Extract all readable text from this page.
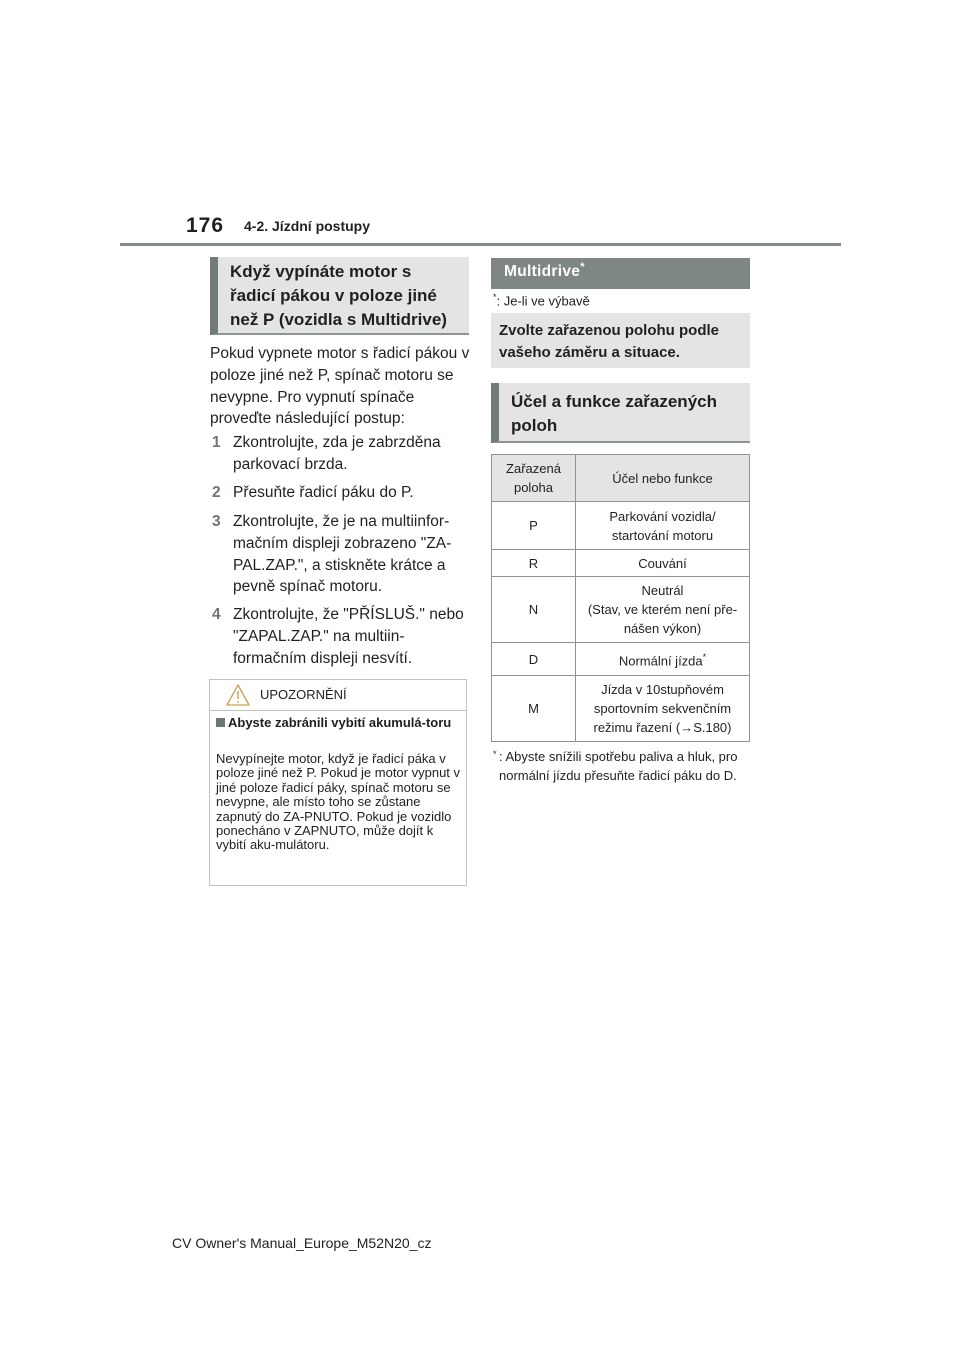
176 4-2. Jízdní postupy
Když vypínáte motor s řadicí pákou v poloze jiné než P (vozidla s Multidrive)
Pokud vypnete motor s řadicí pákou v poloze jiné než P, spínač motoru se nevypne. Pro vypnutí spínače proveďte následující postup:
1 Zkontrolujte, zda je zabrzděna parkovací brzda.
2 Přesuňte řadicí páku do P.
3 Zkontrolujte, že je na multiinfor-mačním displeji zobrazeno "ZA-PAL.ZAP.", a stiskněte krátce a pevně spínač motoru.
4 Zkontrolujte, že "PŘÍSLUŠ." nebo "ZAPAL.ZAP." na multiin-formačním displeji nesvítí.
UPOZORNĚNÍ
Abyste zabránili vybití akumulá-toru
Nevypínejte motor, když je řadicí páka v poloze jiné než P. Pokud je motor vypnut v jiné poloze řadicí páky, spínač motoru se nevypne, ale místo toho se zůstane zapnutý do ZA-PNUTO. Pokud je vozidlo ponecháno v ZAPNUTO, může dojít k vybití aku-mulátoru.
Multidrive*
*: Je-li ve výbavě
Zvolte zařazenou polohu podle vašeho záměru a situace.
Účel a funkce zařazených poloh
Zařazená poloha	Účel nebo funkce
P	Parkování vozidla/
startování motoru

R	Couvání

N	Neutrál
(Stav, ve kterém není pře-
nášen výkon)

D	Normální jízda*
M	Jízda v 10stupňovém
sportovním sekvenčním
režimu řazení (→S.180)
* : Abyste snížili spotřebu paliva a hluk, pro normální jízdu přesuňte řadicí páku do D.
CV Owner's Manual_Europe_M52N20_cz
